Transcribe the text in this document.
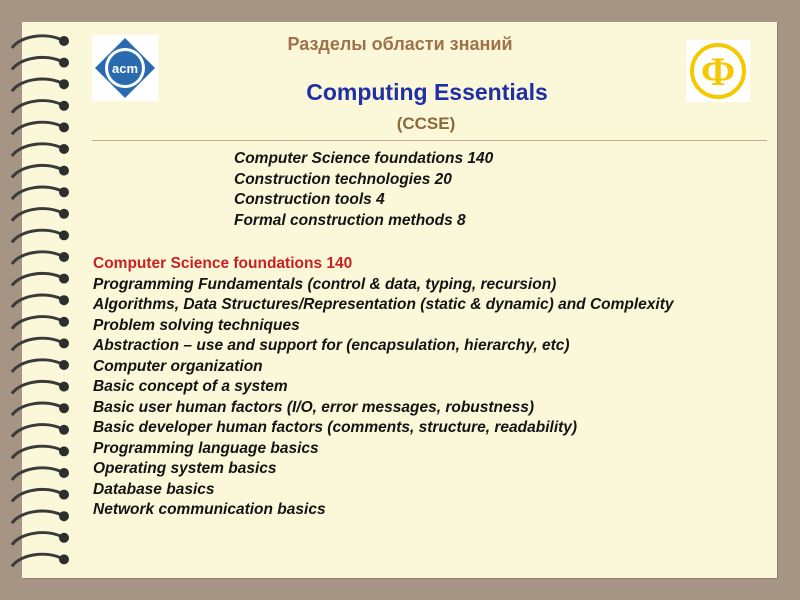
acm	Ф
Разделы области знаний
Computing Essentials
(CCSE)
Computer Science foundations 140
Construction technologies 20
Construction tools 4
Formal construction methods 8
Computer Science foundations 140
Programming Fundamentals (control & data, typing, recursion)
Algorithms, Data Structures/Representation (static & dynamic) and Complexity
Problem solving techniques
Abstraction – use and support for (encapsulation, hierarchy, etc)
Computer organization
Basic concept of a system
Basic user human factors (I/O, error messages, robustness)
Basic developer human factors (comments, structure, readability)
Programming language basics
Operating system basics
Database basics
Network communication basics
